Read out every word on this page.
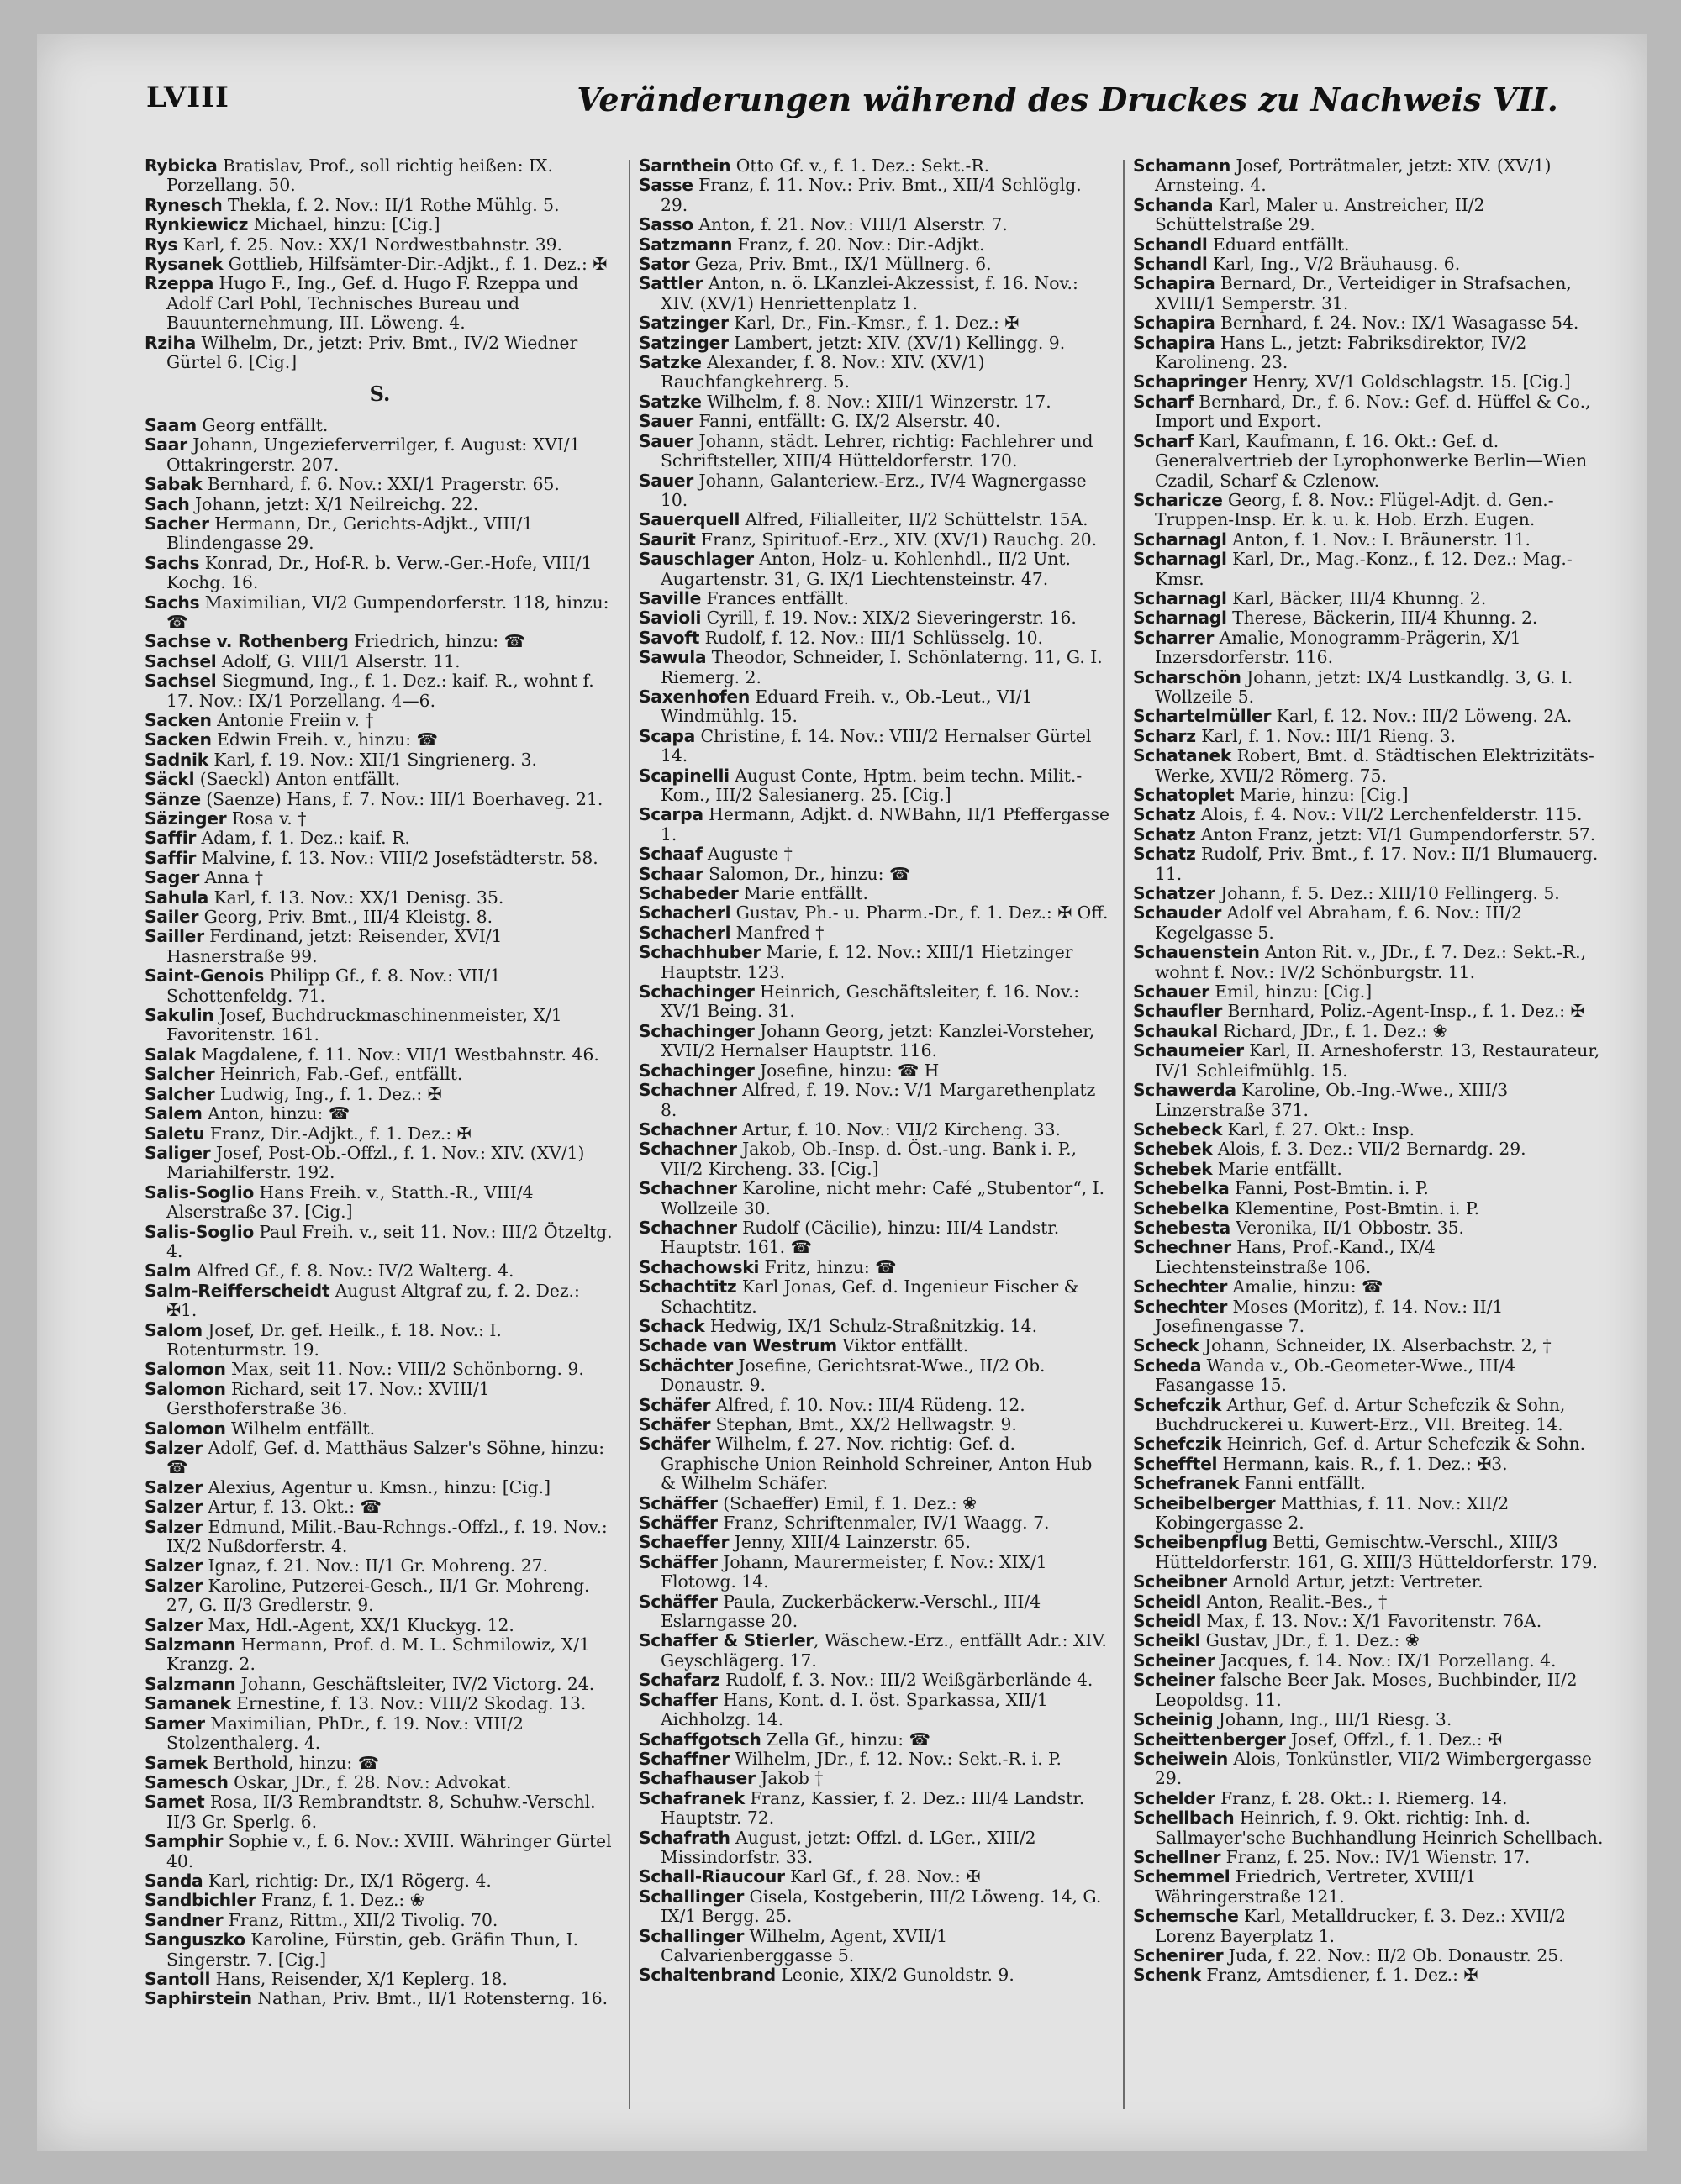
LVIII	Veränderungen während des Druckes zu Nachweis VII.

Rybicka Bratislav, Prof., soll richtig heißen: IX. Porzellang. 50.

Rynesch Thekla, f. 2. Nov.: II/1 Rothe Mühlg. 5.

Rynkiewicz Michael, hinzu: [Cig.]

Rys Karl, f. 25. Nov.: XX/1 Nordwestbahnstr. 39.

Rysanek Gottlieb, Hilfsämter-Dir.-Adjkt., f. 1. Dez.: ✠

Rzeppa Hugo F., Ing., Gef. d. Hugo F. Rzeppa und Adolf Carl Pohl, Technisches Bureau und Bauunternehmung, III. Löweng. 4.

Rziha Wilhelm, Dr., jetzt: Priv. Bmt., IV/2 Wiedner Gürtel 6. [Cig.]

S.

Saam Georg entfällt.

Saar Johann, Ungezieferverrilger, f. August: XVI/1 Ottakringerstr. 207.

Sabak Bernhard, f. 6. Nov.: XXI/1 Pragerstr. 65.

Sach Johann, jetzt: X/1 Neilreichg. 22.

Sacher Hermann, Dr., Gerichts-Adjkt., VIII/1 Blindengasse 29.

Sachs Konrad, Dr., Hof-R. b. Verw.-Ger.-Hofe, VIII/1 Kochg. 16.

Sachs Maximilian, VI/2 Gumpendorferstr. 118, hinzu: ☎

Sachse v. Rothenberg Friedrich, hinzu: ☎

Sachsel Adolf, G. VIII/1 Alserstr. 11.

Sachsel Siegmund, Ing., f. 1. Dez.: kaif. R., wohnt f. 17. Nov.: IX/1 Porzellang. 4—6.

Sacken Antonie Freiin v. †

Sacken Edwin Freih. v., hinzu: ☎

Sadnik Karl, f. 19. Nov.: XII/1 Singrienerg. 3.

Säckl (Saeckl) Anton entfällt.

Sänze (Saenze) Hans, f. 7. Nov.: III/1 Boerhaveg. 21.

Säzinger Rosa v. †

Saffir Adam, f. 1. Dez.: kaif. R.

Saffir Malvine, f. 13. Nov.: VIII/2 Josefstädterstr. 58.

Sager Anna †

Sahula Karl, f. 13. Nov.: XX/1 Denisg. 35.

Sailer Georg, Priv. Bmt., III/4 Kleistg. 8.

Sailler Ferdinand, jetzt: Reisender, XVI/1 Hasnerstraße 99.

Saint-Genois Philipp Gf., f. 8. Nov.: VII/1 Schottenfeldg. 71.

Sakulin Josef, Buchdruckmaschinenmeister, X/1 Favoritenstr. 161.

Salak Magdalene, f. 11. Nov.: VII/1 Westbahnstr. 46.

Salcher Heinrich, Fab.-Gef., entfällt.

Salcher Ludwig, Ing., f. 1. Dez.: ✠

Salem Anton, hinzu: ☎

Saletu Franz, Dir.-Adjkt., f. 1. Dez.: ✠

Saliger Josef, Post-Ob.-Offzl., f. 1. Nov.: XIV. (XV/1) Mariahilferstr. 192.

Salis-Soglio Hans Freih. v., Statth.-R., VIII/4 Alserstraße 37. [Cig.]

Salis-Soglio Paul Freih. v., seit 11. Nov.: III/2 Ötzeltg. 4.

Salm Alfred Gf., f. 8. Nov.: IV/2 Walterg. 4.

Salm-Reifferscheidt August Altgraf zu, f. 2. Dez.: ✠1.

Salom Josef, Dr. gef. Heilk., f. 18. Nov.: I. Rotenturmstr. 19.

Salomon Max, seit 11. Nov.: VIII/2 Schönborng. 9.

Salomon Richard, seit 17. Nov.: XVIII/1 Gersthoferstraße 36.

Salomon Wilhelm entfällt.

Salzer Adolf, Gef. d. Matthäus Salzer's Söhne, hinzu: ☎

Salzer Alexius, Agentur u. Kmsn., hinzu: [Cig.]

Salzer Artur, f. 13. Okt.: ☎

Salzer Edmund, Milit.-Bau-Rchngs.-Offzl., f. 19. Nov.: IX/2 Nußdorferstr. 4.

Salzer Ignaz, f. 21. Nov.: II/1 Gr. Mohreng. 27.

Salzer Karoline, Putzerei-Gesch., II/1 Gr. Mohreng. 27, G. II/3 Gredlerstr. 9.

Salzer Max, Hdl.-Agent, XX/1 Kluckyg. 12.

Salzmann Hermann, Prof. d. M. L. Schmilowiz, X/1 Kranzg. 2.

Salzmann Johann, Geschäftsleiter, IV/2 Victorg. 24.

Samanek Ernestine, f. 13. Nov.: VIII/2 Skodag. 13.

Samer Maximilian, PhDr., f. 19. Nov.: VIII/2 Stolzenthalerg. 4.

Samek Berthold, hinzu: ☎

Samesch Oskar, JDr., f. 28. Nov.: Advokat.

Samet Rosa, II/3 Rembrandtstr. 8, Schuhw.-Verschl. II/3 Gr. Sperlg. 6.

Samphir Sophie v., f. 6. Nov.: XVIII. Währinger Gürtel 40.

Sanda Karl, richtig: Dr., IX/1 Rögerg. 4.

Sandbichler Franz, f. 1. Dez.: ❀

Sandner Franz, Rittm., XII/2 Tivolig. 70.

Sanguszko Karoline, Fürstin, geb. Gräfin Thun, I. Singerstr. 7. [Cig.]

Santoll Hans, Reisender, X/1 Keplerg. 18.

Saphirstein Nathan, Priv. Bmt., II/1 Rotensterng. 16.

Sarnthein Otto Gf. v., f. 1. Dez.: Sekt.-R.

Sasse Franz, f. 11. Nov.: Priv. Bmt., XII/4 Schlöglg. 29.

Sasso Anton, f. 21. Nov.: VIII/1 Alserstr. 7.

Satzmann Franz, f. 20. Nov.: Dir.-Adjkt.

Sator Geza, Priv. Bmt., IX/1 Müllnerg. 6.

Sattler Anton, n. ö. LKanzlei-Akzessist, f. 16. Nov.: XIV. (XV/1) Henriettenplatz 1.

Satzinger Karl, Dr., Fin.-Kmsr., f. 1. Dez.: ✠

Satzinger Lambert, jetzt: XIV. (XV/1) Kellingg. 9.

Satzke Alexander, f. 8. Nov.: XIV. (XV/1) Rauchfangkehrerg. 5.

Satzke Wilhelm, f. 8. Nov.: XIII/1 Winzerstr. 17.

Sauer Fanni, entfällt: G. IX/2 Alserstr. 40.

Sauer Johann, städt. Lehrer, richtig: Fachlehrer und Schriftsteller, XIII/4 Hütteldorferstr. 170.

Sauer Johann, Galanteriew.-Erz., IV/4 Wagnergasse 10.

Sauerquell Alfred, Filialleiter, II/2 Schüttelstr. 15A.

Saurit Franz, Spirituof.-Erz., XIV. (XV/1) Rauchg. 20.

Sauschlager Anton, Holz- u. Kohlenhdl., II/2 Unt. Augartenstr. 31, G. IX/1 Liechtensteinstr. 47.

Saville Frances entfällt.

Savioli Cyrill, f. 19. Nov.: XIX/2 Sieveringerstr. 16.

Savoft Rudolf, f. 12. Nov.: III/1 Schlüsselg. 10.

Sawula Theodor, Schneider, I. Schönlaterng. 11, G. I. Riemerg. 2.

Saxenhofen Eduard Freih. v., Ob.-Leut., VI/1 Windmühlg. 15.

Scapa Christine, f. 14. Nov.: VIII/2 Hernalser Gürtel 14.

Scapinelli August Conte, Hptm. beim techn. Milit.-Kom., III/2 Salesianerg. 25. [Cig.]

Scarpa Hermann, Adjkt. d. NWBahn, II/1 Pfeffergasse 1.

Schaaf Auguste †

Schaar Salomon, Dr., hinzu: ☎

Schabeder Marie entfällt.

Schacherl Gustav, Ph.- u. Pharm.-Dr., f. 1. Dez.: ✠ Off.

Schacherl Manfred †

Schachhuber Marie, f. 12. Nov.: XIII/1 Hietzinger Hauptstr. 123.

Schachinger Heinrich, Geschäftsleiter, f. 16. Nov.: XV/1 Being. 31.

Schachinger Johann Georg, jetzt: Kanzlei-Vorsteher, XVII/2 Hernalser Hauptstr. 116.

Schachinger Josefine, hinzu: ☎ H

Schachner Alfred, f. 19. Nov.: V/1 Margarethenplatz 8.

Schachner Artur, f. 10. Nov.: VII/2 Kircheng. 33.

Schachner Jakob, Ob.-Insp. d. Öst.-ung. Bank i. P., VII/2 Kircheng. 33. [Cig.]

Schachner Karoline, nicht mehr: Café „Stubentor“, I. Wollzeile 30.

Schachner Rudolf (Cäcilie), hinzu: III/4 Landstr. Hauptstr. 161. ☎

Schachowski Fritz, hinzu: ☎

Schachtitz Karl Jonas, Gef. d. Ingenieur Fischer & Schachtitz.

Schack Hedwig, IX/1 Schulz-Straßnitzkig. 14.

Schade van Westrum Viktor entfällt.

Schächter Josefine, Gerichtsrat-Wwe., II/2 Ob. Donaustr. 9.

Schäfer Alfred, f. 10. Nov.: III/4 Rüdeng. 12.

Schäfer Stephan, Bmt., XX/2 Hellwagstr. 9.

Schäfer Wilhelm, f. 27. Nov. richtig: Gef. d. Graphische Union Reinhold Schreiner, Anton Hub & Wilhelm Schäfer.

Schäffer (Schaeffer) Emil, f. 1. Dez.: ❀

Schäffer Franz, Schriftenmaler, IV/1 Waagg. 7.

Schaeffer Jenny, XIII/4 Lainzerstr. 65.

Schäffer Johann, Maurermeister, f. Nov.: XIX/1 Flotowg. 14.

Schäffer Paula, Zuckerbäckerw.-Verschl., III/4 Eslarngasse 20.

Schaffer & Stierler, Wäschew.-Erz., entfällt Adr.: XIV. Geyschlägerg. 17.

Schafarz Rudolf, f. 3. Nov.: III/2 Weißgärberlände 4.

Schaffer Hans, Kont. d. I. öst. Sparkassa, XII/1 Aichholzg. 14.

Schaffgotsch Zella Gf., hinzu: ☎

Schaffner Wilhelm, JDr., f. 12. Nov.: Sekt.-R. i. P.

Schafhauser Jakob †

Schafranek Franz, Kassier, f. 2. Dez.: III/4 Landstr. Hauptstr. 72.

Schafrath August, jetzt: Offzl. d. LGer., XIII/2 Missindorfstr. 33.

Schall-Riaucour Karl Gf., f. 28. Nov.: ✠

Schallinger Gisela, Kostgeberin, III/2 Löweng. 14, G. IX/1 Bergg. 25.

Schallinger Wilhelm, Agent, XVII/1 Calvarienberggasse 5.

Schaltenbrand Leonie, XIX/2 Gunoldstr. 9.

Schamann Josef, Porträtmaler, jetzt: XIV. (XV/1) Arnsteing. 4.

Schanda Karl, Maler u. Anstreicher, II/2 Schüttelstraße 29.

Schandl Eduard entfällt.

Schandl Karl, Ing., V/2 Bräuhausg. 6.

Schapira Bernard, Dr., Verteidiger in Strafsachen, XVIII/1 Semperstr. 31.

Schapira Bernhard, f. 24. Nov.: IX/1 Wasagasse 54.

Schapira Hans L., jetzt: Fabriksdirektor, IV/2 Karolineng. 23.

Schapringer Henry, XV/1 Goldschlagstr. 15. [Cig.]

Scharf Bernhard, Dr., f. 6. Nov.: Gef. d. Hüffel & Co., Import und Export.

Scharf Karl, Kaufmann, f. 16. Okt.: Gef. d. Generalvertrieb der Lyrophonwerke Berlin—Wien Czadil, Scharf & Czlenow.

Scharicze Georg, f. 8. Nov.: Flügel-Adjt. d. Gen.-Truppen-Insp. Er. k. u. k. Hob. Erzh. Eugen.

Scharnagl Anton, f. 1. Nov.: I. Bräunerstr. 11.

Scharnagl Karl, Dr., Mag.-Konz., f. 12. Dez.: Mag.-Kmsr.

Scharnagl Karl, Bäcker, III/4 Khunng. 2.

Scharnagl Therese, Bäckerin, III/4 Khunng. 2.

Scharrer Amalie, Monogramm-Prägerin, X/1 Inzersdorferstr. 116.

Scharschön Johann, jetzt: IX/4 Lustkandlg. 3, G. I. Wollzeile 5.

Schartelmüller Karl, f. 12. Nov.: III/2 Löweng. 2A.

Scharz Karl, f. 1. Nov.: III/1 Rieng. 3.

Schatanek Robert, Bmt. d. Städtischen Elektrizitäts-Werke, XVII/2 Römerg. 75.

Schatoplet Marie, hinzu: [Cig.]

Schatz Alois, f. 4. Nov.: VII/2 Lerchenfelderstr. 115.

Schatz Anton Franz, jetzt: VI/1 Gumpendorferstr. 57.

Schatz Rudolf, Priv. Bmt., f. 17. Nov.: II/1 Blumauerg. 11.

Schatzer Johann, f. 5. Dez.: XIII/10 Fellingerg. 5.

Schauder Adolf vel Abraham, f. 6. Nov.: III/2 Kegelgasse 5.

Schauenstein Anton Rit. v., JDr., f. 7. Dez.: Sekt.-R., wohnt f. Nov.: IV/2 Schönburgstr. 11.

Schauer Emil, hinzu: [Cig.]

Schaufler Bernhard, Poliz.-Agent-Insp., f. 1. Dez.: ✠

Schaukal Richard, JDr., f. 1. Dez.: ❀

Schaumeier Karl, II. Arneshoferstr. 13, Restaurateur, IV/1 Schleifmühlg. 15.

Schawerda Karoline, Ob.-Ing.-Wwe., XIII/3 Linzerstraße 371.

Schebeck Karl, f. 27. Okt.: Insp.

Schebek Alois, f. 3. Dez.: VII/2 Bernardg. 29.

Schebek Marie entfällt.

Schebelka Fanni, Post-Bmtin. i. P.

Schebelka Klementine, Post-Bmtin. i. P.

Schebesta Veronika, II/1 Obbostr. 35.

Schechner Hans, Prof.-Kand., IX/4 Liechtensteinstraße 106.

Schechter Amalie, hinzu: ☎

Schechter Moses (Moritz), f. 14. Nov.: II/1 Josefinengasse 7.

Scheck Johann, Schneider, IX. Alserbachstr. 2, †

Scheda Wanda v., Ob.-Geometer-Wwe., III/4 Fasangasse 15.

Schefczik Arthur, Gef. d. Artur Schefczik & Sohn, Buchdruckerei u. Kuwert-Erz., VII. Breiteg. 14.

Schefczik Heinrich, Gef. d. Artur Schefczik & Sohn.

Schefftel Hermann, kais. R., f. 1. Dez.: ✠3.

Schefranek Fanni entfällt.

Scheibelberger Matthias, f. 11. Nov.: XII/2 Kobingergasse 2.

Scheibenpflug Betti, Gemischtw.-Verschl., XIII/3 Hütteldorferstr. 161, G. XIII/3 Hütteldorferstr. 179.

Scheibner Arnold Artur, jetzt: Vertreter.

Scheidl Anton, Realit.-Bes., †

Scheidl Max, f. 13. Nov.: X/1 Favoritenstr. 76A.

Scheikl Gustav, JDr., f. 1. Dez.: ❀

Scheiner Jacques, f. 14. Nov.: IX/1 Porzellang. 4.

Scheiner falsche Beer Jak. Moses, Buchbinder, II/2 Leopoldsg. 11.

Scheinig Johann, Ing., III/1 Riesg. 3.

Scheittenberger Josef, Offzl., f. 1. Dez.: ✠

Scheiwein Alois, Tonkünstler, VII/2 Wimbergergasse 29.

Schelder Franz, f. 28. Okt.: I. Riemerg. 14.

Schellbach Heinrich, f. 9. Okt. richtig: Inh. d. Sallmayer'sche Buchhandlung Heinrich Schellbach.

Schellner Franz, f. 25. Nov.: IV/1 Wienstr. 17.

Schemmel Friedrich, Vertreter, XVIII/1 Währingerstraße 121.

Schemsche Karl, Metalldrucker, f. 3. Dez.: XVII/2 Lorenz Bayerplatz 1.

Schenirer Juda, f. 22. Nov.: II/2 Ob. Donaustr. 25.

Schenk Franz, Amtsdiener, f. 1. Dez.: ✠
